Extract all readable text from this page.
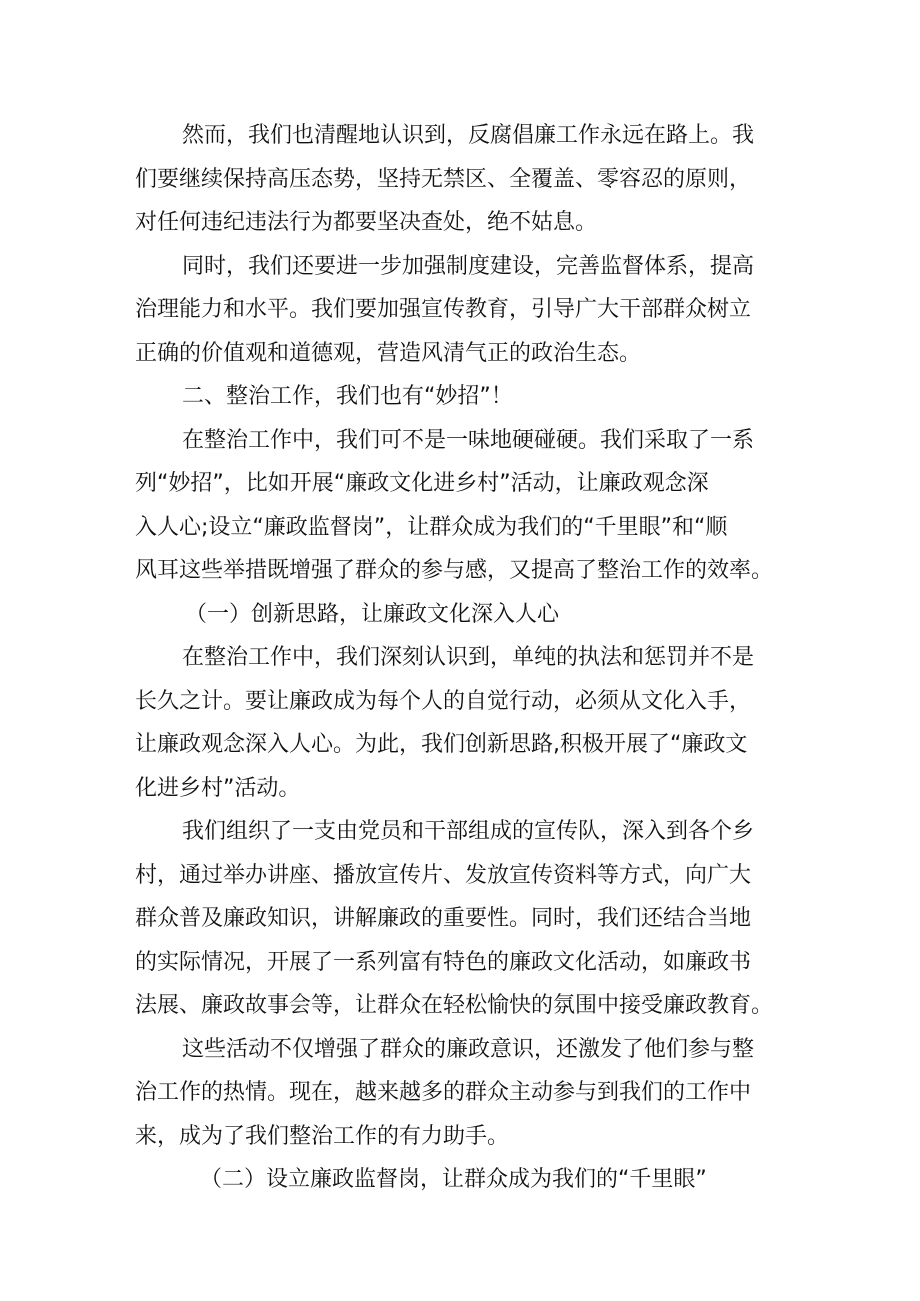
然而，我们也清醒地认识到，反腐倡廉工作永远在路上。我
们要继续保持高压态势，坚持无禁区、全覆盖、零容忍的原则，
对任何违纪违法行为都要坚决查处，绝不姑息。

同时，我们还要进一步加强制度建设，完善监督体系，提高
治理能力和水平。我们要加强宣传教育，引导广大干部群众树立
正确的价值观和道德观，营造风清气正的政治生态。

二、整治工作，我们也有“妙招”！

在整治工作中，我们可不是一味地硬碰硬。我们采取了一系
列“妙招”，比如开展“廉政文化进乡村”活动，让廉政观念深
入人心;设立“廉政监督岗”，让群众成为我们的“千里眼”和“顺
风耳这些举措既增强了群众的参与感，又提高了整治工作的效率。

（一）创新思路，让廉政文化深入人心

在整治工作中，我们深刻认识到，单纯的执法和惩罚并不是
长久之计。要让廉政成为每个人的自觉行动，必须从文化入手，
让廉政观念深入人心。为此，我们创新思路,积极开展了“廉政文
化进乡村”活动。

我们组织了一支由党员和干部组成的宣传队，深入到各个乡
村，通过举办讲座、播放宣传片、发放宣传资料等方式，向广大
群众普及廉政知识，讲解廉政的重要性。同时，我们还结合当地
的实际情况，开展了一系列富有特色的廉政文化活动，如廉政书
法展、廉政故事会等，让群众在轻松愉快的氛围中接受廉政教育。

这些活动不仅增强了群众的廉政意识，还激发了他们参与整
治工作的热情。现在，越来越多的群众主动参与到我们的工作中
来，成为了我们整治工作的有力助手。

（二）设立廉政监督岗，让群众成为我们的“千里眼”
